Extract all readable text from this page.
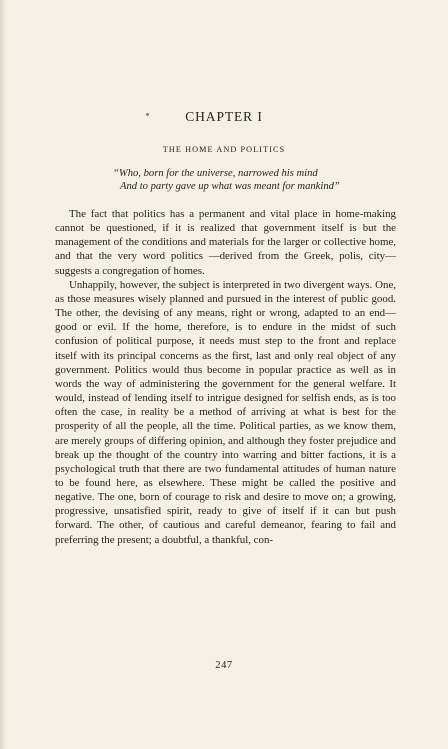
CHAPTER I
THE HOME AND POLITICS
“Who, born for the universe, narrowed his mind
And to party gave up what was meant for mankind”

The fact that politics has a permanent and vital place in home-making cannot be questioned, if it is realized that government itself is but the management of the conditions and materials for the larger or collective home, and that the very word politics —derived from the Greek, polis, city—suggests a congregation of homes.

Unhappily, however, the subject is interpreted in two divergent ways. One, as those measures wisely planned and pursued in the interest of public good. The other, the devising of any means, right or wrong, adapted to an end—good or evil. If the home, therefore, is to endure in the midst of such confusion of political purpose, it needs must step to the front and replace itself with its principal concerns as the first, last and only real object of any government. Politics would thus become in popular practice as well as in words the way of administering the government for the general welfare. It would, instead of lending itself to intrigue designed for selfish ends, as is too often the case, in reality be a method of arriving at what is best for the prosperity of all the people, all the time. Political parties, as we know them, are merely groups of differing opinion, and although they foster prejudice and break up the thought of the country into warring and bitter factions, it is a psychological truth that there are two fundamental attitudes of human nature to be found here, as elsewhere. These might be called the positive and negative. The one, born of courage to risk and desire to move on; a growing, progressive, unsatisfied spirit, ready to give of itself if it can but push forward. The other, of cautious and careful demeanor, fearing to fail and preferring the present; a doubtful, a thankful, con-

247
